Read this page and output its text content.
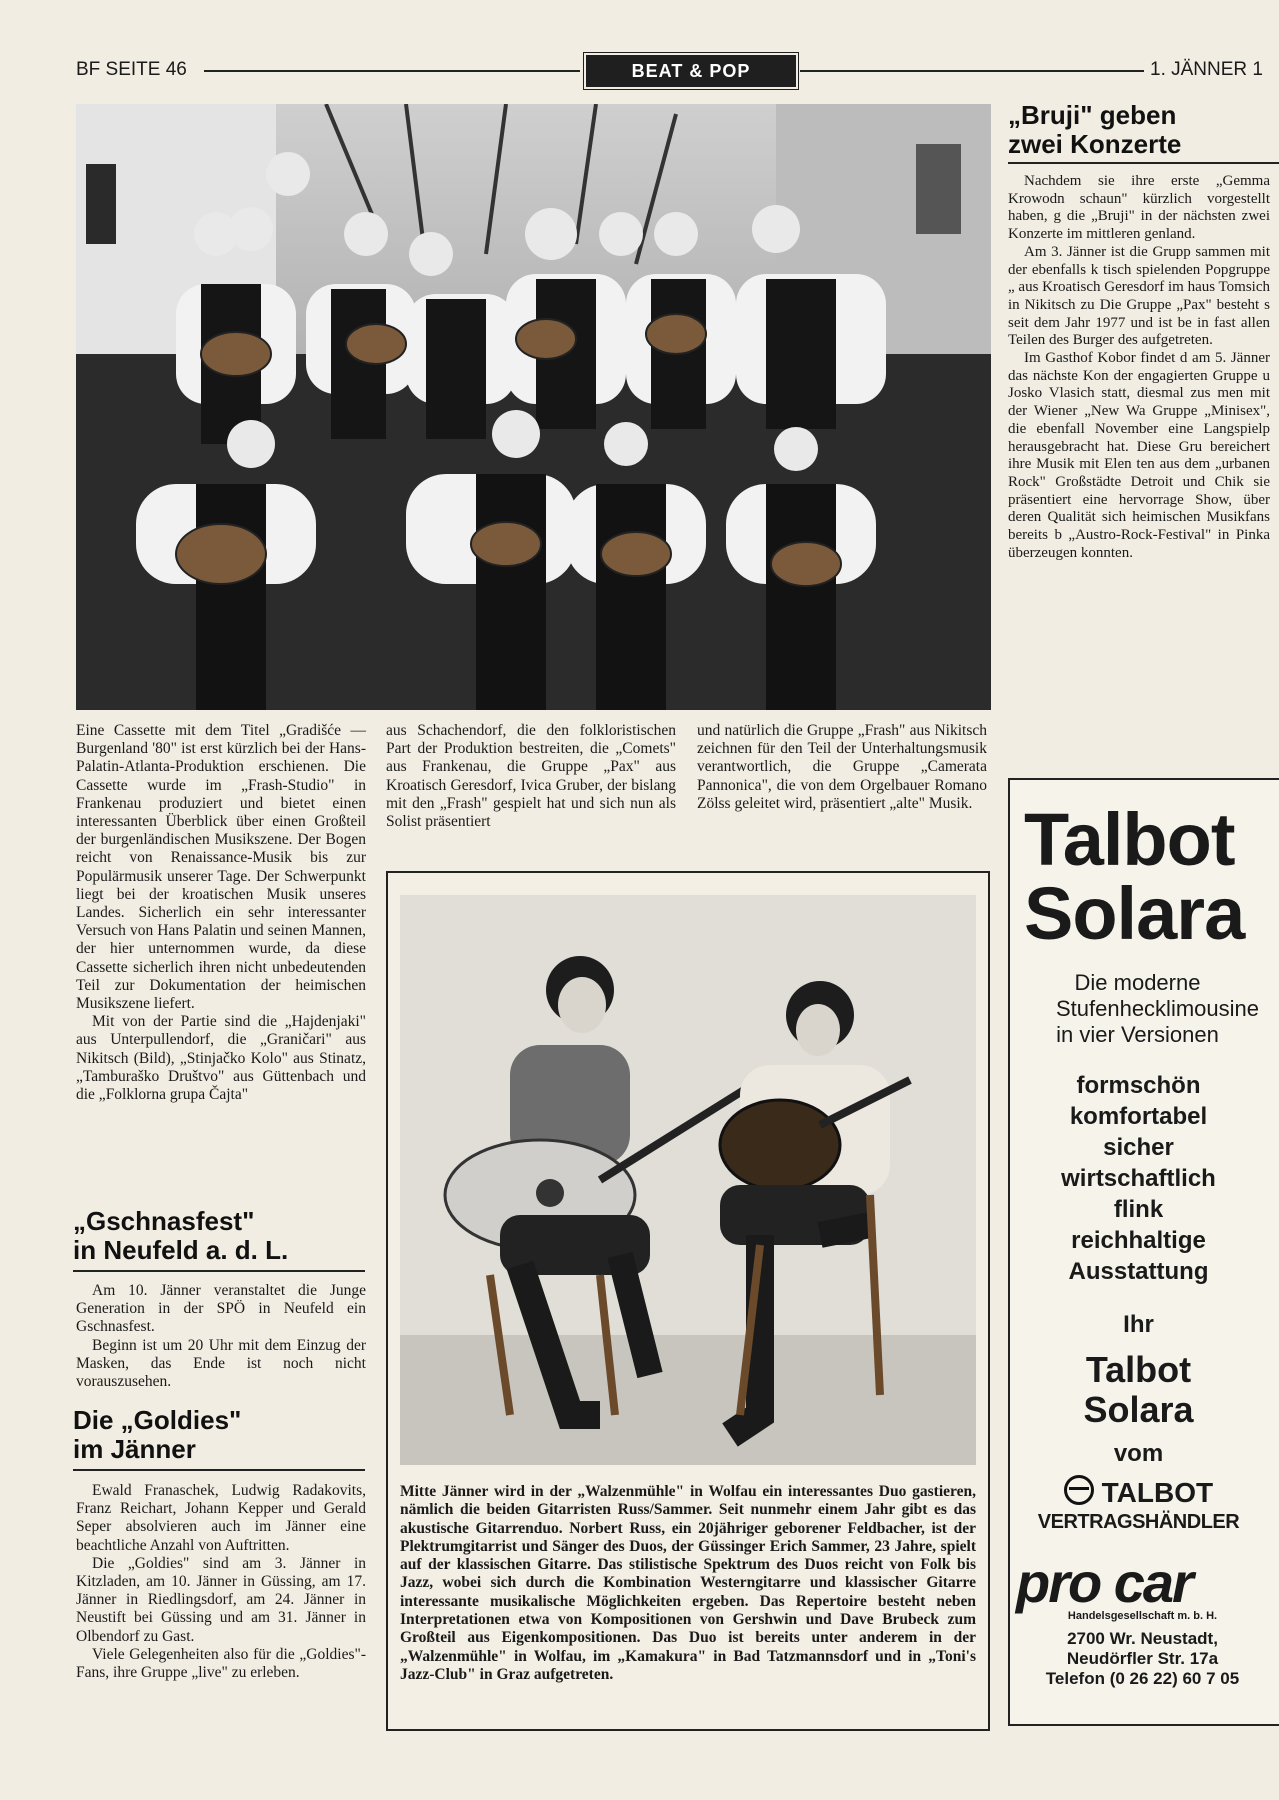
BF SEITE 46	BEAT & POP	1. JÄNNER 1

Eine Cassette mit dem Titel „Gradišće — Burgenland '80" ist erst kürzlich bei der Hans-Palatin-Atlanta-Produktion erschienen. Die Cassette wurde im „Frash-Studio" in Frankenau produziert und bietet einen interessanten Überblick über einen Großteil der burgenländischen Musikszene. Der Bogen reicht von Renaissance-Musik bis zur Populärmusik unserer Tage. Der Schwerpunkt liegt bei der kroatischen Musik unseres Landes. Sicherlich ein sehr interessanter Versuch von Hans Palatin und seinen Mannen, der hier unternommen wurde, da diese Cassette sicherlich ihren nicht unbedeutenden Teil zur Dokumentation der heimischen Musikszene liefert.

Mit von der Partie sind die „Hajdenjaki" aus Unterpullendorf, die „Graničari" aus Nikitsch (Bild), „Stinjačko Kolo" aus Stinatz, „Tamburaško Društvo" aus Güttenbach und die „Folklorna grupa Čajta"

aus Schachendorf, die den folkloristischen Part der Produktion bestreiten, die „Comets" aus Frankenau, die Gruppe „Pax" aus Kroatisch Geresdorf, Ivica Gruber, der bislang mit den „Frash" gespielt hat und sich nun als Solist präsentiert
und natürlich die Gruppe „Frash" aus Nikitsch zeichnen für den Teil der Unterhaltungsmusik verantwortlich, die Gruppe „Camerata Pannonica", die von dem Orgelbauer Romano Zölss geleitet wird, präsentiert „alte" Musik.
„Gschnasfest"
in Neufeld a. d. L.

Am 10. Jänner veranstaltet die Junge Generation in der SPÖ in Neufeld ein Gschnasfest.

Beginn ist um 20 Uhr mit dem Einzug der Masken, das Ende ist noch nicht vorauszusehen.

Die „Goldies"
im Jänner

Ewald Franaschek, Ludwig Radakovits, Franz Reichart, Johann Kepper und Gerald Seper absolvieren auch im Jänner eine beachtliche Anzahl von Auftritten.

Die „Goldies" sind am 3. Jänner in Kitzladen, am 10. Jänner in Güssing, am 17. Jänner in Riedlingsdorf, am 24. Jänner in Neustift bei Güssing und am 31. Jänner in Olbendorf zu Gast.

Viele Gelegenheiten also für die „Goldies"-Fans, ihre Gruppe „live" zu erleben.

Mitte Jänner wird in der „Walzenmühle" in Wolfau ein interessantes Duo gastieren, nämlich die beiden Gitarristen Russ/Sammer. Seit nunmehr einem Jahr gibt es das akustische Gitarrenduo. Norbert Russ, ein 20jähriger geborener Feldbacher, ist der Plektrumgitarrist und Sänger des Duos, der Güssinger Erich Sammer, 23 Jahre, spielt auf der klassischen Gitarre. Das stilistische Spektrum des Duos reicht von Folk bis Jazz, wobei sich durch die Kombination Westerngitarre und klassischer Gitarre interessante musikalische Möglichkeiten ergeben. Das Repertoire besteht neben Interpretationen etwa von Kompositionen von Gershwin und Dave Brubeck zum Großteil aus Eigenkompositionen. Das Duo ist bereits unter anderem in der „Walzenmühle" in Wolfau, im „Kamakura" in Bad Tatzmannsdorf und in „Toni's Jazz-Club" in Graz aufgetreten.
„Bruji" geben
zwei Konzerte

Nachdem sie ihre erste „Gemma Krowodn schaun" kürzlich vorgestellt haben, g die „Bruji" in der nächsten zwei Konzerte im mittleren genland.

Am 3. Jänner ist die Grupp sammen mit der ebenfalls k tisch spielenden Popgruppe „ aus Kroatisch Geresdorf im haus Tomsich in Nikitsch zu Die Gruppe „Pax" besteht s seit dem Jahr 1977 und ist be in fast allen Teilen des Burger des aufgetreten.

Im Gasthof Kobor findet d am 5. Jänner das nächste Kon der engagierten Gruppe u Josko Vlasich statt, diesmal zus men mit der Wiener „New Wa Gruppe „Minisex", die ebenfall November eine Langspielp herausgebracht hat. Diese Gru bereichert ihre Musik mit Elen ten aus dem „urbanen Rock" Großstädte Detroit und Chik sie präsentiert eine hervorrage Show, über deren Qualität sich heimischen Musikfans bereits b „Austro-Rock-Festival" in Pinka überzeugen konnten.

Talbot
Solara
Die moderne
Stufenhecklimousine
in vier Versionen
formschön
komfortabel
sicher
wirtschaftlich
flink
reichhaltige
Ausstattung
Ihr
Talbot
Solara
vom
TALBOT
VERTRAGSHÄNDLER
pro car
Handelsgesellschaft m. b. H.
2700 Wr. Neustadt,
Neudörfler Str. 17a
Telefon (0 26 22) 60 7 05
